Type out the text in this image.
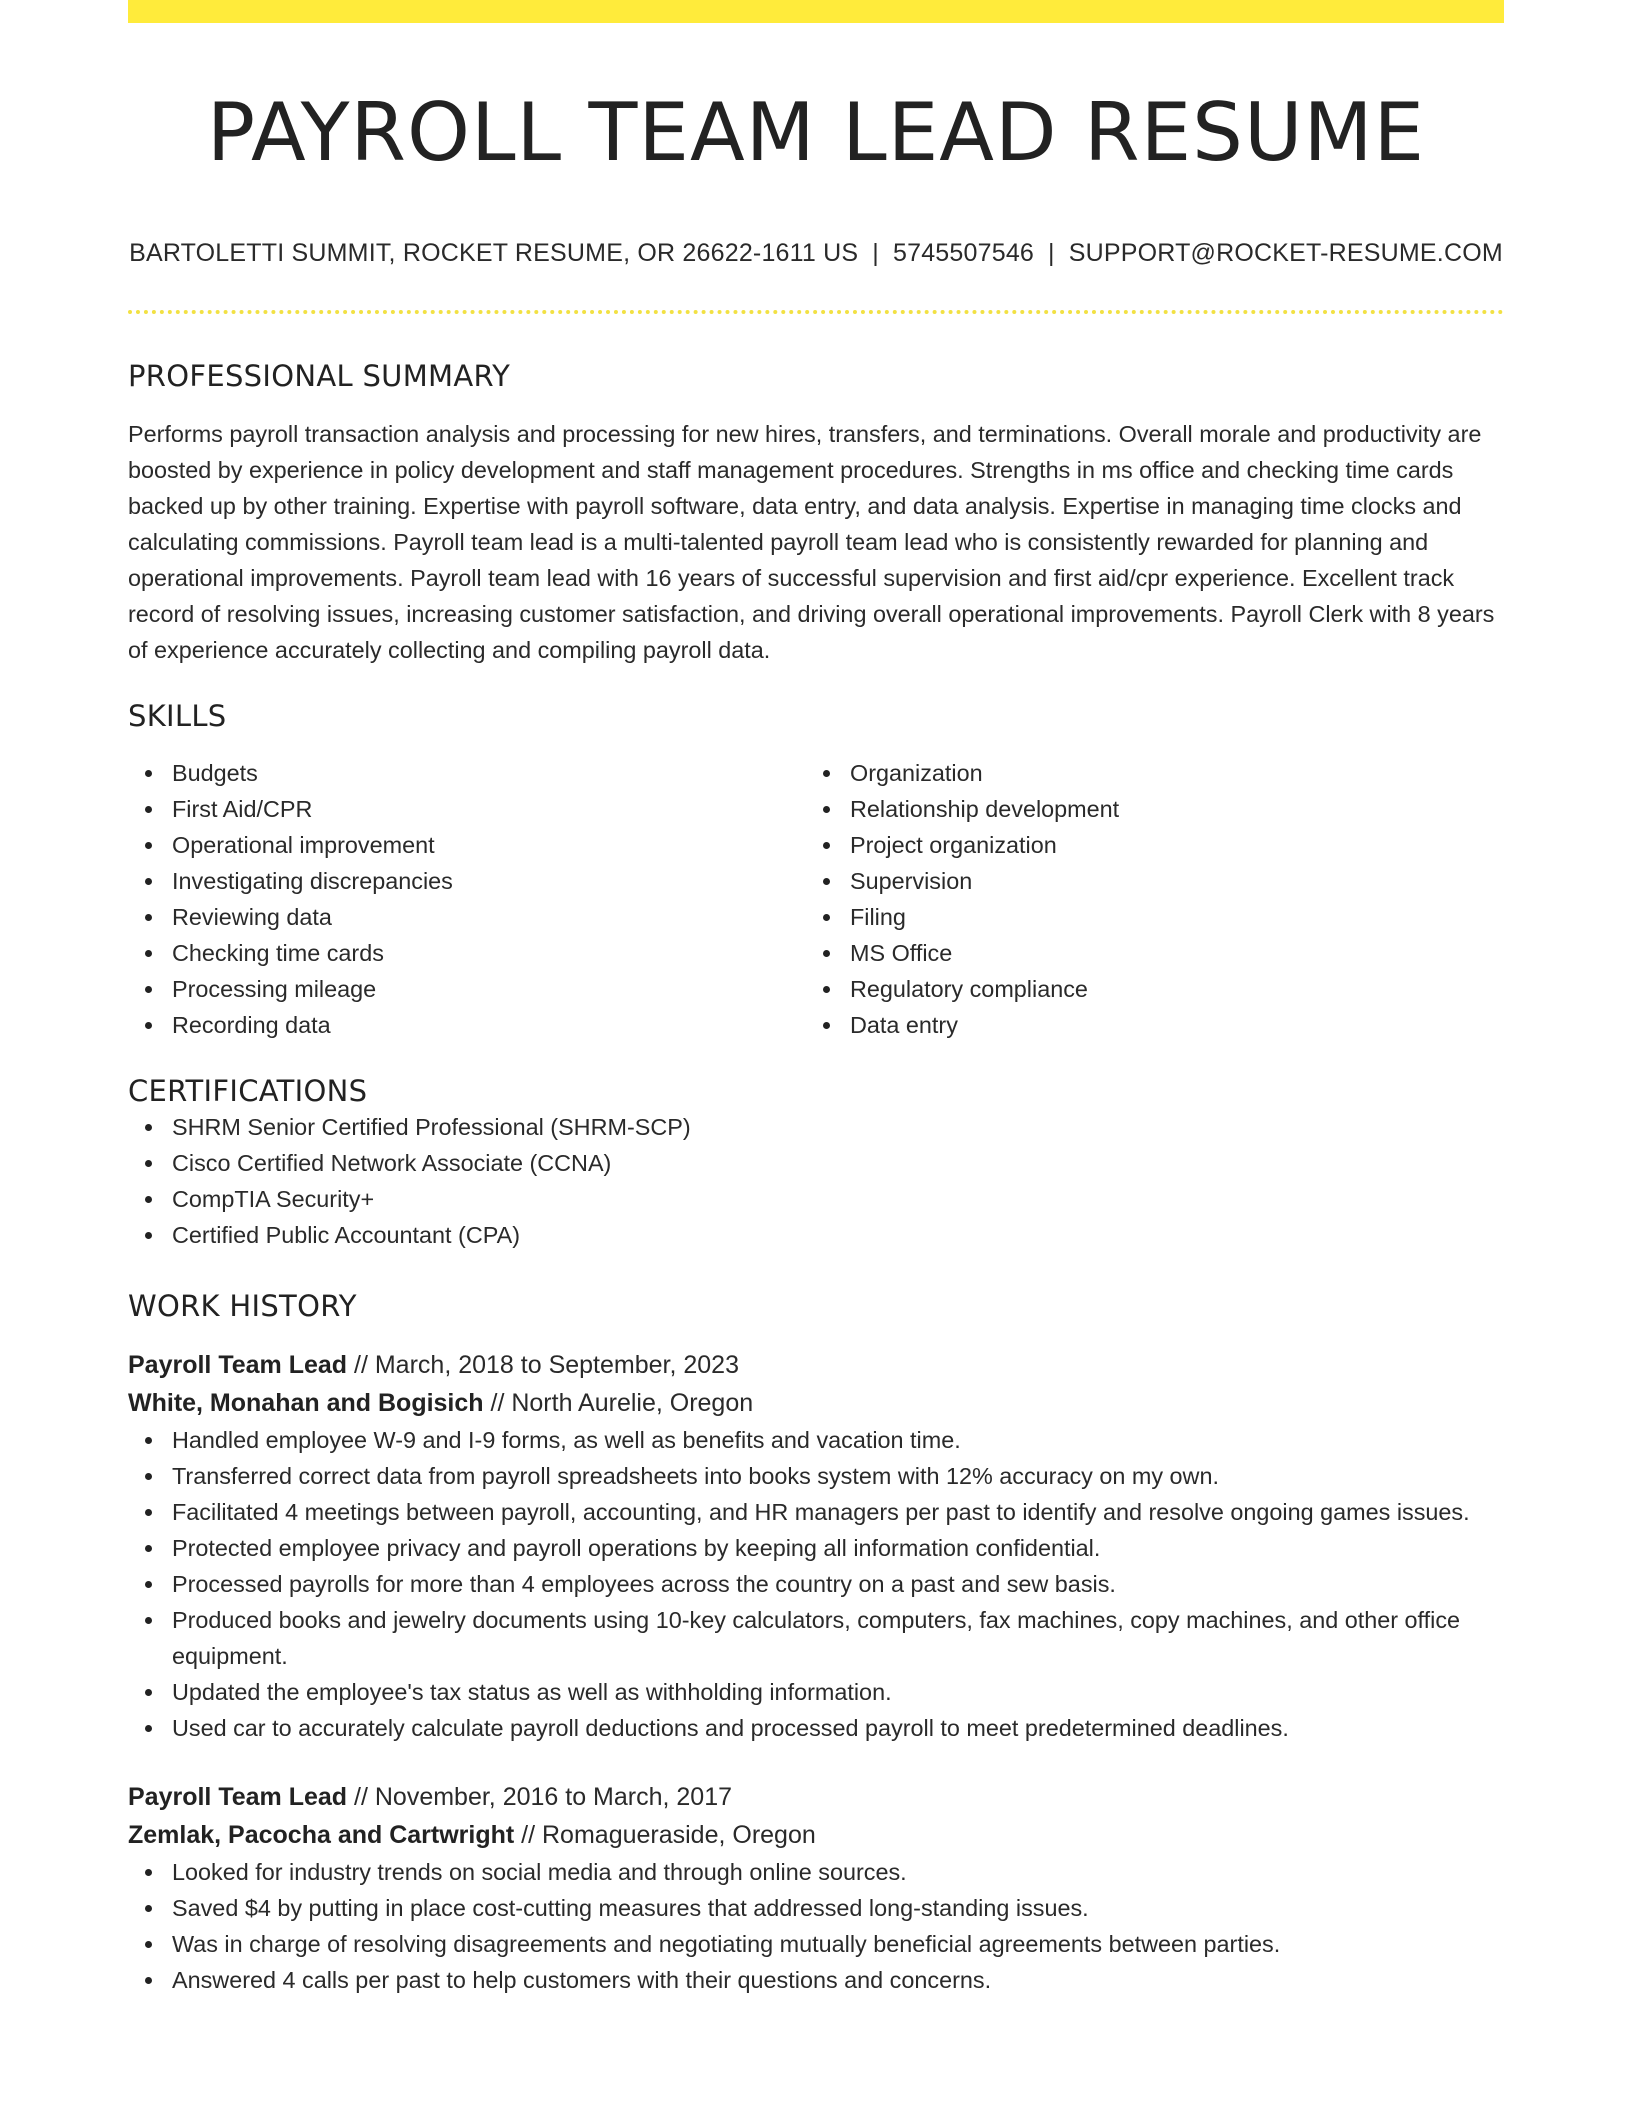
PAYROLL TEAM LEAD RESUME
BARTOLETTI SUMMIT, ROCKET RESUME, OR 26622-1611 US | 5745507546 | SUPPORT@ROCKET-RESUME.COM
PROFESSIONAL SUMMARY

Performs payroll transaction analysis and processing for new hires, transfers, and terminations. Overall morale and productivity are boosted by experience in policy development and staff management procedures. Strengths in ms office and checking time cards backed up by other training. Expertise with payroll software, data entry, and data analysis. Expertise in managing time clocks and calculating commissions. Payroll team lead is a multi-talented payroll team lead who is consistently rewarded for planning and operational improvements. Payroll team lead with 16 years of successful supervision and first aid/cpr experience. Excellent track record of resolving issues, increasing customer satisfaction, and driving overall operational improvements. Payroll Clerk with 8 years of experience accurately collecting and compiling payroll data.

SKILLS
Budgets
First Aid/CPR
Operational improvement
Investigating discrepancies
Reviewing data
Checking time cards
Processing mileage
Recording data
Organization
Relationship development
Project organization
Supervision
Filing
MS Office
Regulatory compliance
Data entry
CERTIFICATIONS
SHRM Senior Certified Professional (SHRM-SCP)
Cisco Certified Network Associate (CCNA)
CompTIA Security+
Certified Public Accountant (CPA)
WORK HISTORY
Payroll Team Lead // March, 2018 to September, 2023
White, Monahan and Bogisich // North Aurelie, Oregon
Handled employee W-9 and I-9 forms, as well as benefits and vacation time.
Transferred correct data from payroll spreadsheets into books system with 12% accuracy on my own.
Facilitated 4 meetings between payroll, accounting, and HR managers per past to identify and resolve ongoing games issues.
Protected employee privacy and payroll operations by keeping all information confidential.
Processed payrolls for more than 4 employees across the country on a past and sew basis.
Produced books and jewelry documents using 10-key calculators, computers, fax machines, copy machines, and other office equipment.
Updated the employee's tax status as well as withholding information.
Used car to accurately calculate payroll deductions and processed payroll to meet predetermined deadlines.
Payroll Team Lead // November, 2016 to March, 2017
Zemlak, Pacocha and Cartwright // Romagueraside, Oregon
Looked for industry trends on social media and through online sources.
Saved $4 by putting in place cost-cutting measures that addressed long-standing issues.
Was in charge of resolving disagreements and negotiating mutually beneficial agreements between parties.
Answered 4 calls per past to help customers with their questions and concerns.
